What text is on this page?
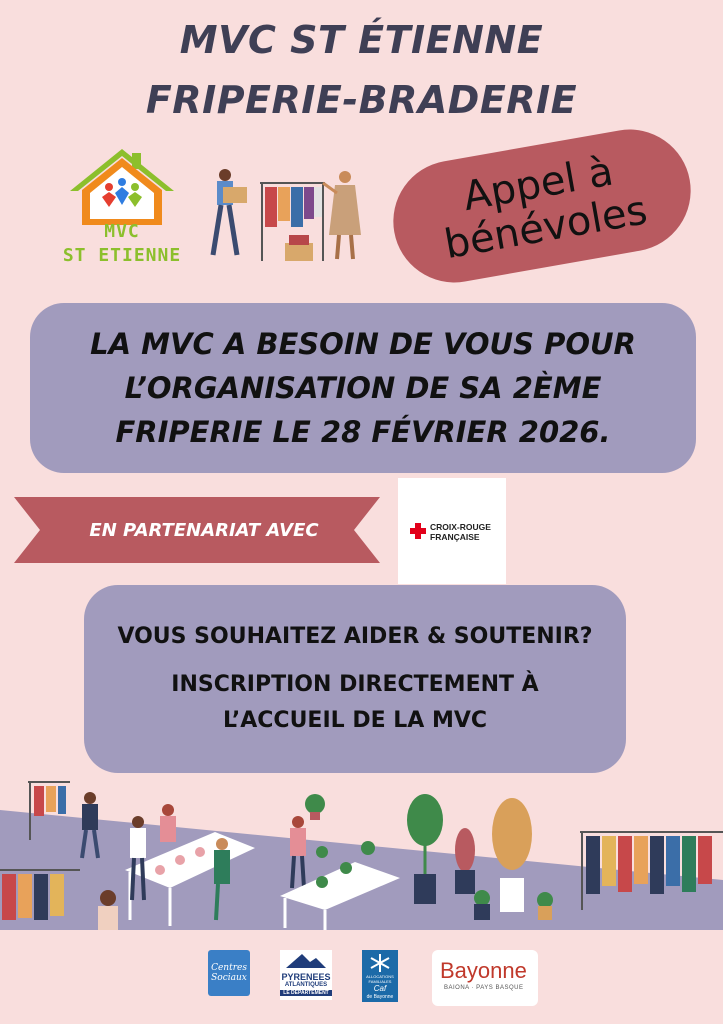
MVC ST ÉTIENNE
FRIPERIE-BRADERIE
MVC
ST ETIENNE
Appel à bénévoles
LA MVC A BESOIN DE VOUS POUR L’ORGANISATION DE SA 2ÈME FRIPERIE LE 28 FÉVRIER 2026.
EN PARTENARIAT AVEC	CROIX-ROUGE
FRANÇAISE
VOUS SOUHAITEZ AIDER & SOUTENIR?
INSCRIPTION DIRECTEMENT À L’ACCUEIL DE LA MVC
Centres
Sociaux	PYRENEES
ATLANTIQUES
LE DÉPARTEMENT
ALLOCATIONS FAMILIALES
Caf
de Bayonne
Bayonne
BAIONA · PAYS BASQUE
